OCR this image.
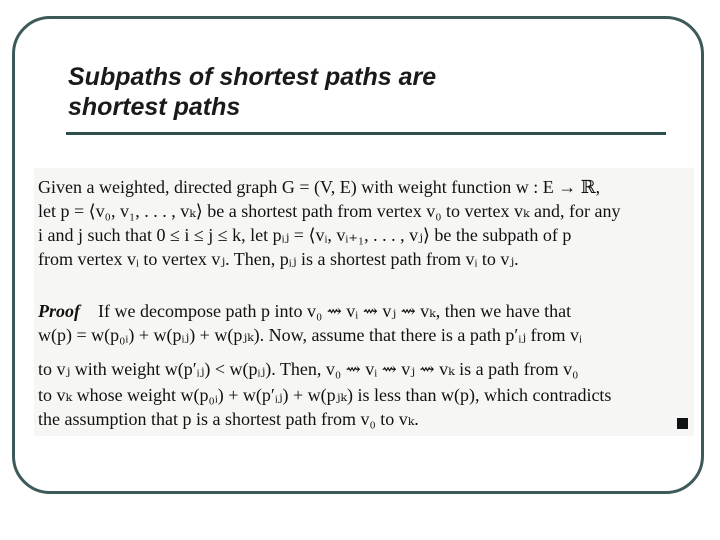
Subpaths of shortest paths are
shortest paths
Given a weighted, directed graph G = (V, E) with weight function w : E → ℝ,
let p = ⟨v₀, v₁, . . . , vₖ⟩ be a shortest path from vertex v₀ to vertex vₖ and, for any
i and j such that 0 ≤ i ≤ j ≤ k, let pᵢⱼ = ⟨vᵢ, vᵢ₊₁, . . . , vⱼ⟩ be the subpath of p
from vertex vᵢ to vertex vⱼ. Then, pᵢⱼ is a shortest path from vᵢ to vⱼ.
Proof If we decompose path p into v₀ ⇝ vᵢ ⇝ vⱼ ⇝ vₖ, then we have that
w(p) = w(p₀ᵢ) + w(pᵢⱼ) + w(pⱼₖ). Now, assume that there is a path p′ᵢⱼ from vᵢ
to vⱼ with weight w(p′ᵢⱼ) < w(pᵢⱼ). Then, v₀ ⇝ vᵢ ⇝ vⱼ ⇝ vₖ is a path from v₀
to vₖ whose weight w(p₀ᵢ) + w(p′ᵢⱼ) + w(pⱼₖ) is less than w(p), which contradicts
the assumption that p is a shortest path from v₀ to vₖ.
